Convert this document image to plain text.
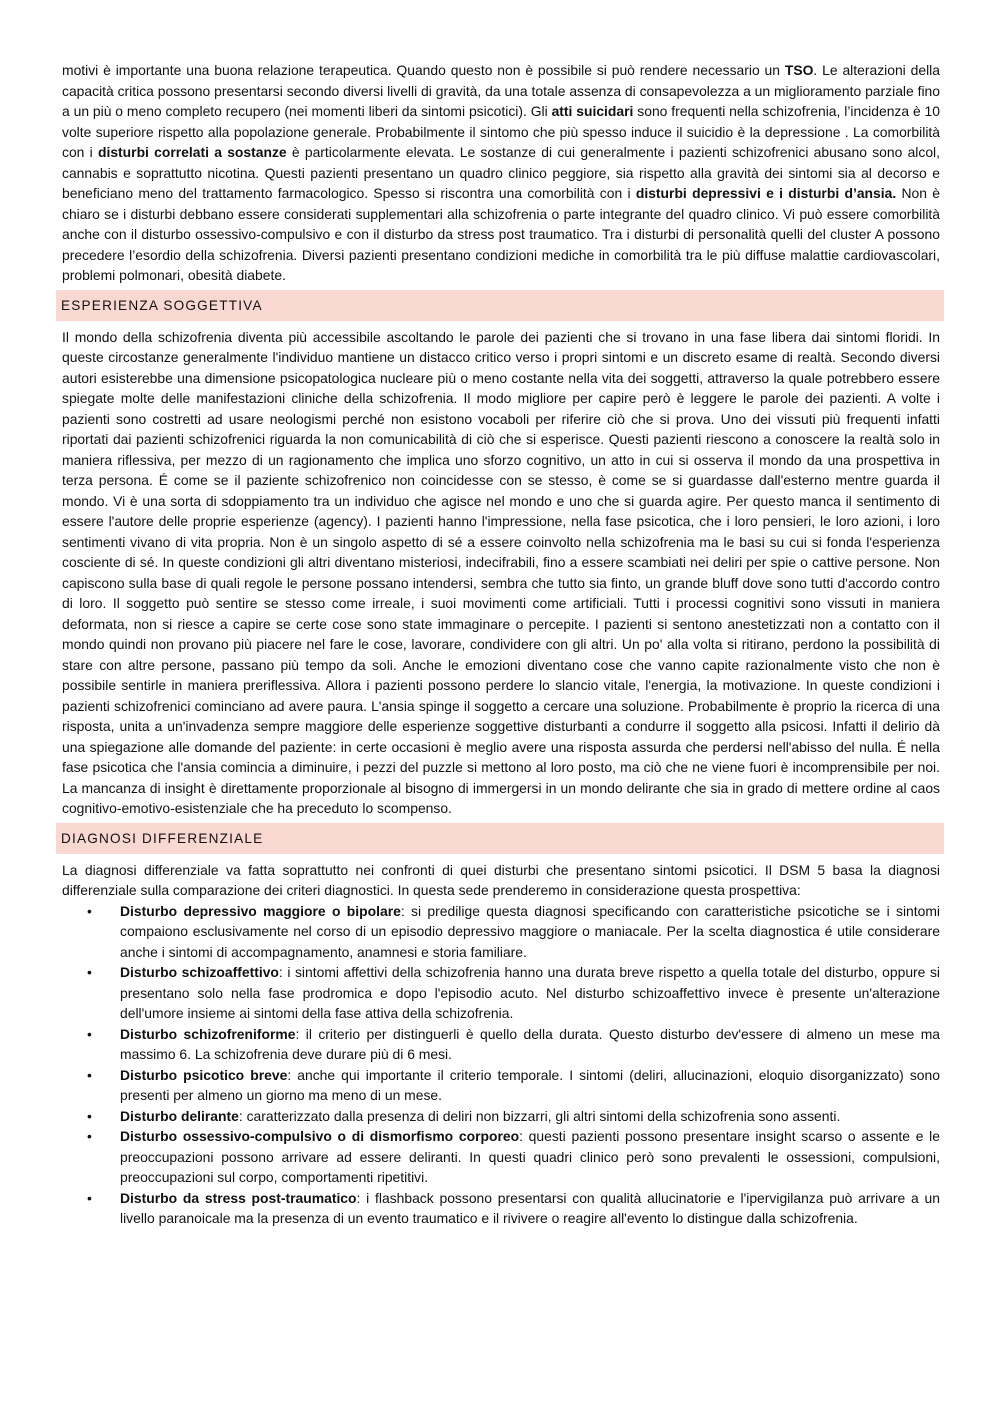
motivi è importante una buona relazione terapeutica. Quando questo non è possibile si può rendere necessario un TSO. Le alterazioni della capacità critica possono presentarsi secondo diversi livelli di gravità, da una totale assenza di consapevolezza a un miglioramento parziale fino a un più o meno completo recupero (nei momenti liberi da sintomi psicotici). Gli atti suicidari sono frequenti nella schizofrenia, l’incidenza è 10 volte superiore rispetto alla popolazione generale. Probabilmente il sintomo che più spesso induce il suicidio è la depressione . La comorbilità con i disturbi correlati a sostanze è particolarmente elevata. Le sostanze di cui generalmente i pazienti schizofrenici abusano sono alcol, cannabis e soprattutto nicotina. Questi pazienti presentano un quadro clinico peggiore, sia rispetto alla gravità dei sintomi sia al decorso e beneficiano meno del trattamento farmacologico. Spesso si riscontra una comorbilità con i disturbi depressivi e i disturbi d’ansia. Non è chiaro se i disturbi debbano essere considerati supplementari alla schizofrenia o parte integrante del quadro clinico. Vi può essere comorbilità anche con il disturbo ossessivo-compulsivo e con il disturbo da stress post traumatico. Tra i disturbi di personalità quelli del cluster A possono precedere l’esordio della schizofrenia. Diversi pazienti presentano condizioni mediche in comorbilità tra le più diffuse malattie cardiovascolari, problemi polmonari, obesità diabete.

ESPERIENZA SOGGETTIVA

Il mondo della schizofrenia diventa più accessibile ascoltando le parole dei pazienti che si trovano in una fase libera dai sintomi floridi. In queste circostanze generalmente l'individuo mantiene un distacco critico verso i propri sintomi e un discreto esame di realtà. Secondo diversi autori esisterebbe una dimensione psicopatologica nucleare più o meno costante nella vita dei soggetti, attraverso la quale potrebbero essere spiegate molte delle manifestazioni cliniche della schizofrenia. Il modo migliore per capire però è leggere le parole dei pazienti. A volte i pazienti sono costretti ad usare neologismi perché non esistono vocaboli per riferire ciò che si prova. Uno dei vissuti più frequenti infatti riportati dai pazienti schizofrenici riguarda la non comunicabilità di ciò che si esperisce. Questi pazienti riescono a conoscere la realtà solo in maniera riflessiva, per mezzo di un ragionamento che implica uno sforzo cognitivo, un atto in cui si osserva il mondo da una prospettiva in terza persona. É come se il paziente schizofrenico non coincidesse con se stesso, è come se si guardasse dall'esterno mentre guarda il mondo. Vi è una sorta di sdoppiamento tra un individuo che agisce nel mondo e uno che si guarda agire. Per questo manca il sentimento di essere l'autore delle proprie esperienze (agency). I pazienti hanno l'impressione, nella fase psicotica, che i loro pensieri, le loro azioni, i loro sentimenti vivano di vita propria. Non è un singolo aspetto di sé a essere coinvolto nella schizofrenia ma le basi su cui si fonda l'esperienza cosciente di sé. In queste condizioni gli altri diventano misteriosi, indecifrabili, fino a essere scambiati nei deliri per spie o cattive persone. Non capiscono sulla base di quali regole le persone possano intendersi, sembra che tutto sia finto, un grande bluff dove sono tutti d'accordo contro di loro. Il soggetto può sentire se stesso come irreale, i suoi movimenti come artificiali. Tutti i processi cognitivi sono vissuti in maniera deformata, non si riesce a capire se certe cose sono state immaginare o percepite. I pazienti si sentono anestetizzati non a contatto con il mondo quindi non provano più piacere nel fare le cose, lavorare, condividere con gli altri. Un po' alla volta si ritirano, perdono la possibilità di stare con altre persone, passano più tempo da soli. Anche le emozioni diventano cose che vanno capite razionalmente visto che non è possibile sentirle in maniera preriflessiva. Allora i pazienti possono perdere lo slancio vitale, l'energia, la motivazione. In queste condizioni i pazienti schizofrenici cominciano ad avere paura. L'ansia spinge il soggetto a cercare una soluzione. Probabilmente è proprio la ricerca di una risposta, unita a un'invadenza sempre maggiore delle esperienze soggettive disturbanti a condurre il soggetto alla psicosi. Infatti il delirio dà una spiegazione alle domande del paziente: in certe occasioni è meglio avere una risposta assurda che perdersi nell'abisso del nulla. É nella fase psicotica che l'ansia comincia a diminuire, i pezzi del puzzle si mettono al loro posto, ma ciò che ne viene fuori è incomprensibile per noi. La mancanza di insight è direttamente proporzionale al bisogno di immergersi in un mondo delirante che sia in grado di mettere ordine al caos cognitivo-emotivo-esistenziale che ha preceduto lo scompenso.

DIAGNOSI DIFFERENZIALE

La diagnosi differenziale va fatta soprattutto nei confronti di quei disturbi che presentano sintomi psicotici. Il DSM 5 basa la diagnosi differenziale sulla comparazione dei criteri diagnostici. In questa sede prenderemo in considerazione questa prospettiva:

• Disturbo depressivo maggiore o bipolare: si predilige questa diagnosi specificando con caratteristiche psicotiche se i sintomi compaiono esclusivamente nel corso di un episodio depressivo maggiore o maniacale. Per la scelta diagnostica é utile considerare anche i sintomi di accompagnamento, anamnesi e storia familiare.
• Disturbo schizoaffettivo: i sintomi affettivi della schizofrenia hanno una durata breve rispetto a quella totale del disturbo, oppure si presentano solo nella fase prodromica e dopo l'episodio acuto. Nel disturbo schizoaffettivo invece è presente un'alterazione dell'umore insieme ai sintomi della fase attiva della schizofrenia.
• Disturbo schizofreniforme: il criterio per distinguerli è quello della durata. Questo disturbo dev'essere di almeno un mese ma massimo 6. La schizofrenia deve durare più di 6 mesi.
• Disturbo psicotico breve: anche qui importante il criterio temporale. I sintomi (deliri, allucinazioni, eloquio disorganizzato) sono presenti per almeno un giorno ma meno di un mese.
• Disturbo delirante: caratterizzato dalla presenza di deliri non bizzarri, gli altri sintomi della schizofrenia sono assenti.
• Disturbo ossessivo-compulsivo o di dismorfismo corporeo: questi pazienti possono presentare insight scarso o assente e le preoccupazioni possono arrivare ad essere deliranti. In questi quadri clinico però sono prevalenti le ossessioni, compulsioni, preoccupazioni sul corpo, comportamenti ripetitivi.
• Disturbo da stress post-traumatico: i flashback possono presentarsi con qualità allucinatorie e l'ipervigilanza può arrivare a un livello paranoicale ma la presenza di un evento traumatico e il rivivere o reagire all'evento lo distingue dalla schizofrenia.
